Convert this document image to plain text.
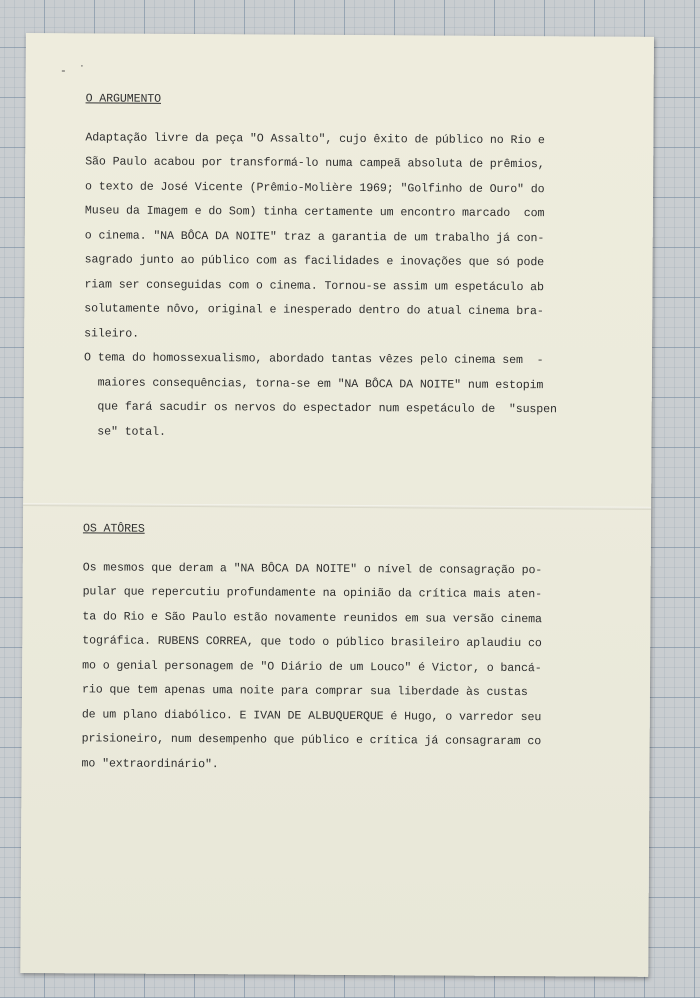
- ˙

O ARGUMENTO

Adaptação livre da peça "O Assalto", cujo êxito de público no Rio e
São Paulo acabou por transformá-lo numa campeã absoluta de prêmios,
o texto de José Vicente (Prêmio-Molière 1969; "Golfinho de Ouro" do
Museu da Imagem e do Som) tinha certamente um encontro marcado  com
o cinema. "NA BÔCA DA NOITE" traz a garantia de um trabalho já con-
sagrado junto ao público com as facilidades e inovações que só pode
riam ser conseguidas com o cinema. Tornou-se assim um espetáculo ab
solutamente nôvo, original e inesperado dentro do atual cinema bra-
sileiro.
O tema do homossexualismo, abordado tantas vêzes pelo cinema sem  -
maiores consequências, torna-se em "NA BÔCA DA NOITE" num estopim
que fará sacudir os nervos do espectador num espetáculo de  "suspen
se" total.

OS ATÔRES

Os mesmos que deram a "NA BÔCA DA NOITE" o nível de consagração po-
pular que repercutiu profundamente na opinião da crítica mais aten-
ta do Rio e São Paulo estão novamente reunidos em sua versão cinema
tográfica. RUBENS CORREA, que todo o público brasileiro aplaudiu co
mo o genial personagem de "O Diário de um Louco" é Victor, o bancá-
rio que tem apenas uma noite para comprar sua liberdade às custas
de um plano diabólico. E IVAN DE ALBUQUERQUE é Hugo, o varredor seu
prisioneiro, num desempenho que público e crítica já consagraram co
mo "extraordinário".
